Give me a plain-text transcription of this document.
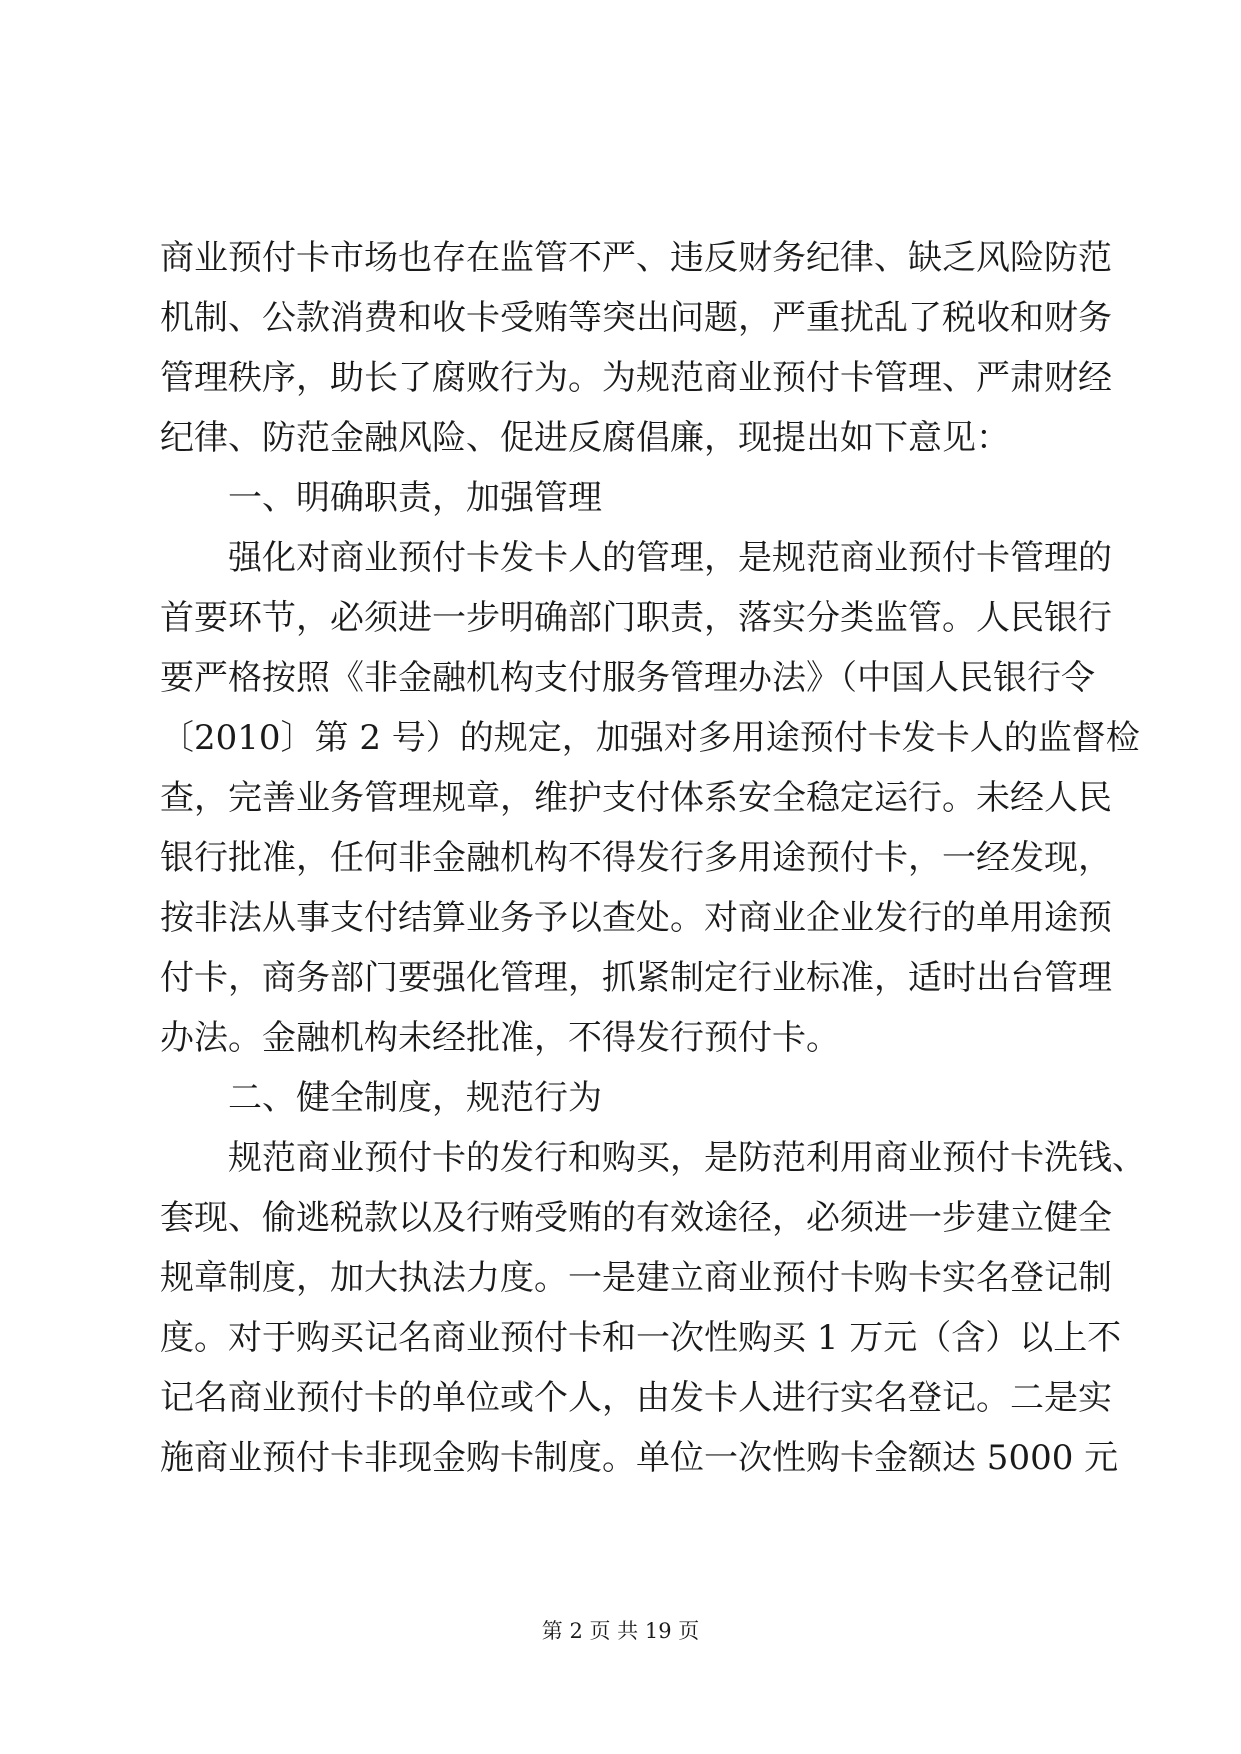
商业预付卡市场也存在监管不严、违反财务纪律、缺乏风险防范
机制、公款消费和收卡受贿等突出问题，严重扰乱了税收和财务
管理秩序，助长了腐败行为。为规范商业预付卡管理、严肃财经
纪律、防范金融风险、促进反腐倡廉，现提出如下意见：
一、明确职责，加强管理
强化对商业预付卡发卡人的管理，是规范商业预付卡管理的
首要环节，必须进一步明确部门职责，落实分类监管。人民银行
要严格按照《非金融机构支付服务管理办法》（中国人民银行令
〔2010〕第 2 号）的规定，加强对多用途预付卡发卡人的监督检
查，完善业务管理规章，维护支付体系安全稳定运行。未经人民
银行批准，任何非金融机构不得发行多用途预付卡，一经发现，
按非法从事支付结算业务予以查处。对商业企业发行的单用途预
付卡，商务部门要强化管理，抓紧制定行业标准，适时出台管理
办法。金融机构未经批准，不得发行预付卡。
二、健全制度，规范行为
规范商业预付卡的发行和购买，是防范利用商业预付卡洗钱、
套现、偷逃税款以及行贿受贿的有效途径，必须进一步建立健全
规章制度，加大执法力度。一是建立商业预付卡购卡实名登记制
度。对于购买记名商业预付卡和一次性购买 1 万元（含）以上不
记名商业预付卡的单位或个人，由发卡人进行实名登记。二是实
施商业预付卡非现金购卡制度。单位一次性购卡金额达 5000 元
第 2 页 共 19 页
